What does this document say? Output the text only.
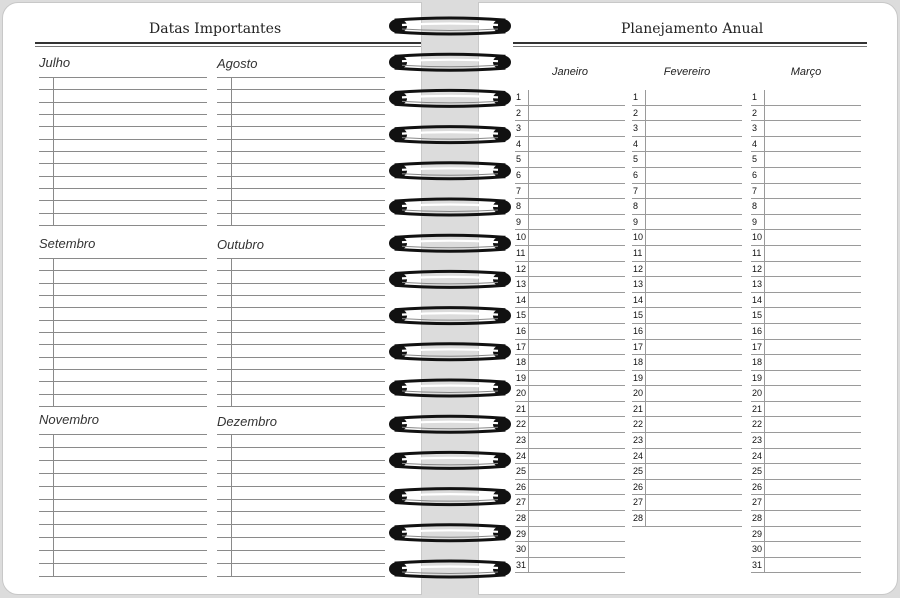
Datas Importantes
Julho	Agosto
Setembro	Outubro
Novembro	Dezembro
Planejamento Anual
Janeiro
1
2
3
4
5
6
7
8
9
10
11
12
13
14
15
16
17
18
19
20
21
22
23
24
25
26
27
28
29
30
31
Fevereiro
1
2
3
4
5
6
7
8
9
10
11
12
13
14
15
16
17
18
19
20
21
22
23
24
25
26
27
28
Março
1
2
3
4
5
6
7
8
9
10
11
12
13
14
15
16
17
18
19
20
21
22
23
24
25
26
27
28
29
30
31
